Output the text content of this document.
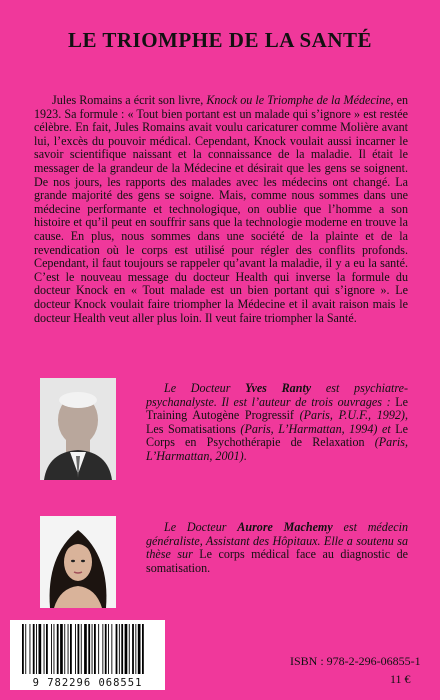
LE TRIOMPHE DE LA SANTÉ

Jules Romains a écrit son livre, Knock ou le Triomphe de la Médecine, en 1923. Sa formule : « Tout bien portant est un malade qui s’ignore » est restée célèbre. En fait, Jules Romains avait voulu caricaturer comme Molière avant lui, l’excès du pouvoir médical. Cependant, Knock voulait aussi incarner le savoir scientifique naissant et la connaissance de la maladie. Il était le messager de la grandeur de la Médecine et désirait que les gens se soignent. De nos jours, les rapports des malades avec les médecins ont changé. La grande majorité des gens se soigne. Mais, comme nous sommes dans une médecine performante et technologique, on oublie que l’homme a son histoire et qu’il peut en souffrir sans que la technologie moderne en trouve la cause. En plus, nous sommes dans une société de la plainte et de la revendication où le corps est utilisé pour régler des conflits profonds. Cependant, il faut toujours se rappeler qu’avant la maladie, il y a eu la santé. C’est le nouveau message du docteur Health qui inverse la formule du docteur Knock en « Tout malade est un bien portant qui s’ignore ». Le docteur Knock voulait faire triompher la Médecine et il avait raison mais le docteur Health veut aller plus loin. Il veut faire triompher la Santé.

Le Docteur Yves Ranty est psychiatre-psychanalyste. Il est l’auteur de trois ouvrages : Le Training Autogène Progressif (Paris, P.U.F., 1992), Les Somatisations (Paris, L’Harmattan, 1994) et Le Corps en Psychothérapie de Relaxation (Paris, L’Harmattan, 2001).

Le Docteur Aurore Machemy est médecin généraliste, Assistant des Hôpitaux. Elle a soutenu sa thèse sur Le corps médical face au diagnostic de somatisation.

9 782296 068551
ISBN : 978-2-296-06855-1
11 €
